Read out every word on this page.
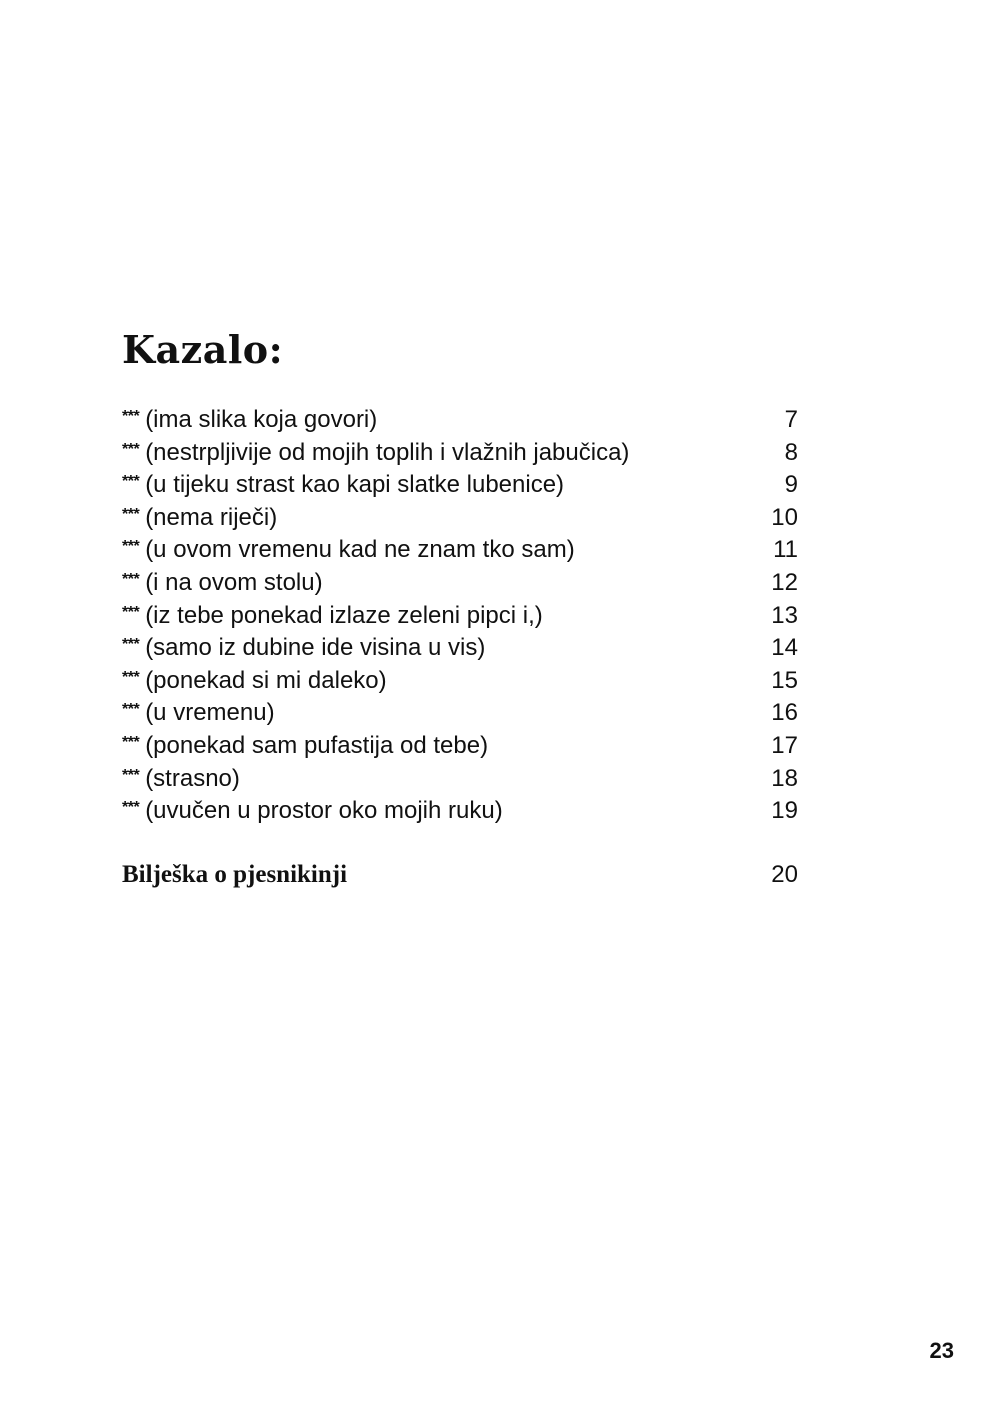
Kazalo:
*** (ima slika koja govori)	7
*** (nestrpljivije od mojih toplih i vlažnih jabučica)	8
*** (u tijeku strast kao kapi slatke lubenice)	9
*** (nema riječi)	10
*** (u ovom vremenu kad ne znam tko sam)	11
*** (i na ovom stolu)	12
*** (iz tebe ponekad izlaze zeleni pipci i,)	13
*** (samo iz dubine ide visina u vis)	14
*** (ponekad si mi daleko)	15
*** (u vremenu)	16
*** (ponekad sam pufastija od tebe)	17
*** (strasno)	18
*** (uvučen u prostor oko mojih ruku)	19
Bilješka o pjesnikinji	20
23
